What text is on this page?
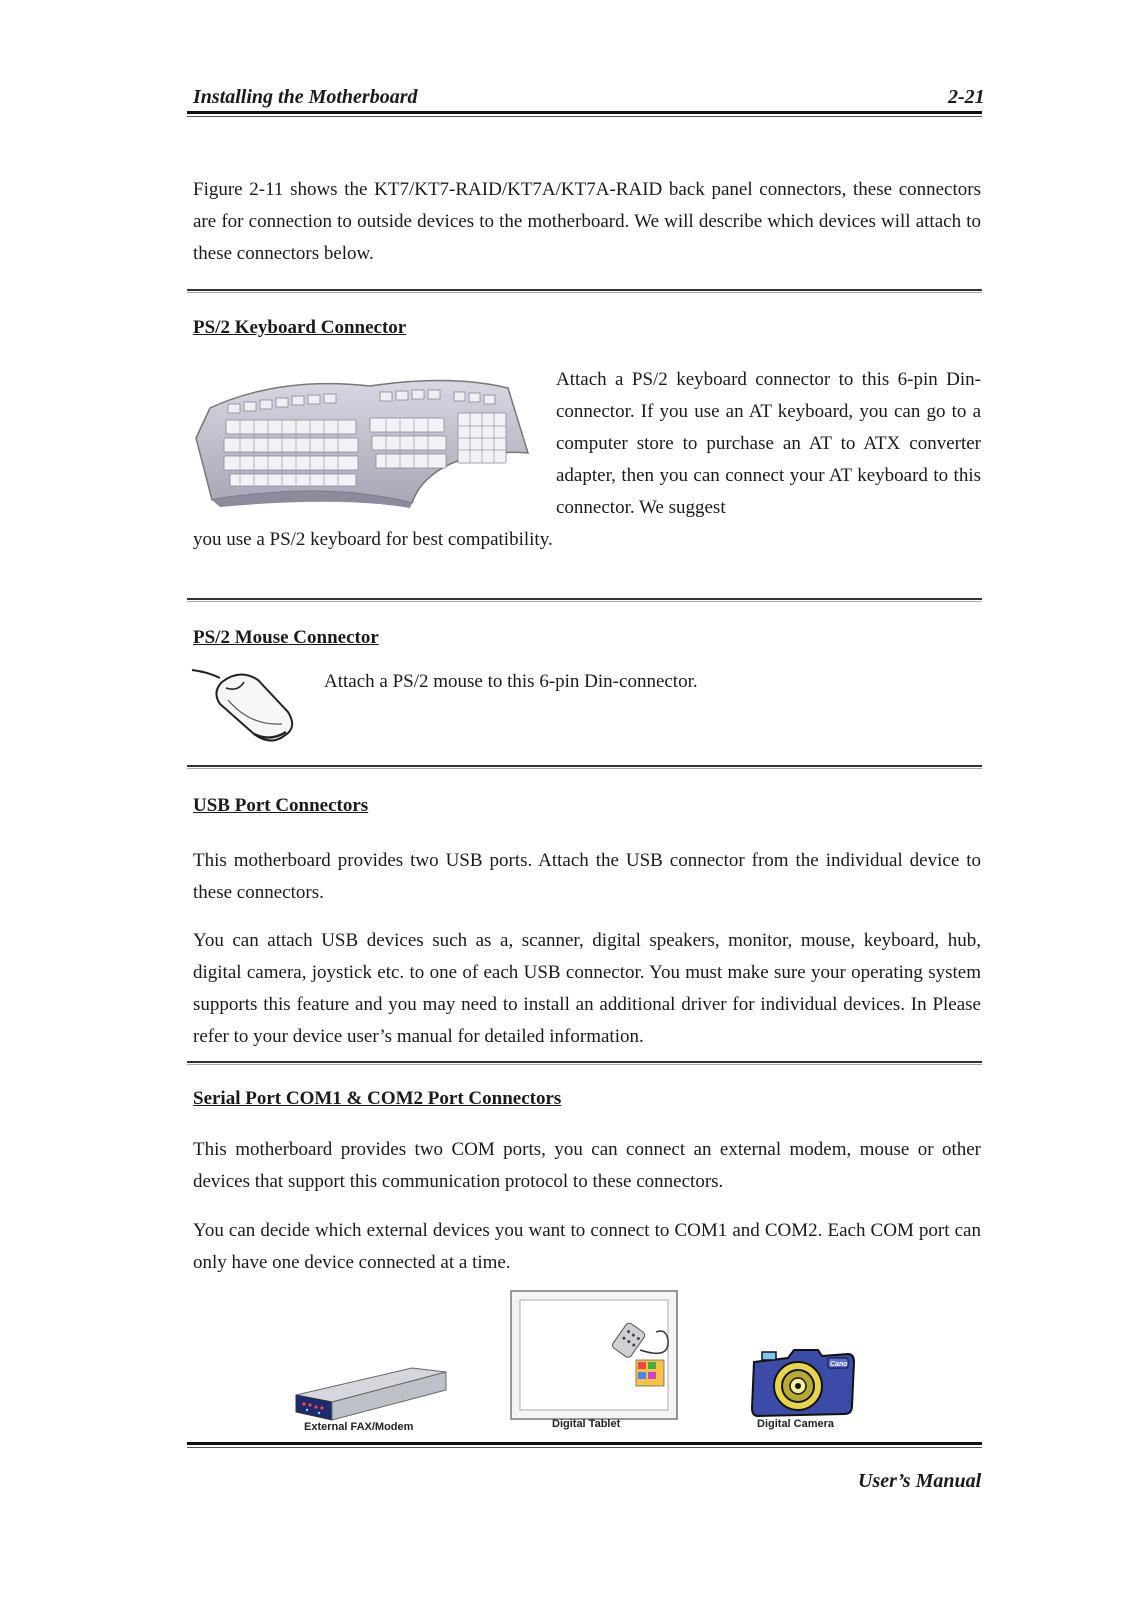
Installing the Motherboard	2-21
Figure 2-11 shows the KT7/KT7-RAID/KT7A/KT7A-RAID back panel connectors, these connectors are for connection to outside devices to the motherboard. We will describe which devices will attach to these connectors below.
PS/2 Keyboard Connector
Attach a PS/2 keyboard connector to this 6-pin Din-connector. If you use an AT keyboard, you can go to a computer store to purchase an AT to ATX converter adapter, then you can connect your AT keyboard to this connector. We suggest
you use a PS/2 keyboard for best compatibility.
PS/2 Mouse Connector
Attach a PS/2 mouse to this 6-pin Din-connector.
USB Port Connectors
This motherboard provides two USB ports. Attach the USB connector from the individual device to these connectors.
You can attach USB devices such as a, scanner, digital speakers, monitor, mouse, keyboard, hub, digital camera, joystick etc. to one of each USB connector. You must make sure your operating system supports this feature and you may need to install an additional driver for individual devices. In Please refer to your device user’s manual for detailed information.
Serial Port COM1 & COM2 Port Connectors
This motherboard provides two COM ports, you can connect an external modem, mouse or other devices that support this communication protocol to these connectors.
You can decide which external devices you want to connect to COM1 and COM2. Each COM port can only have one device connected at a time.
External FAX/Modem	Digital Tablet
Cano
Digital Camera
User’s Manual
